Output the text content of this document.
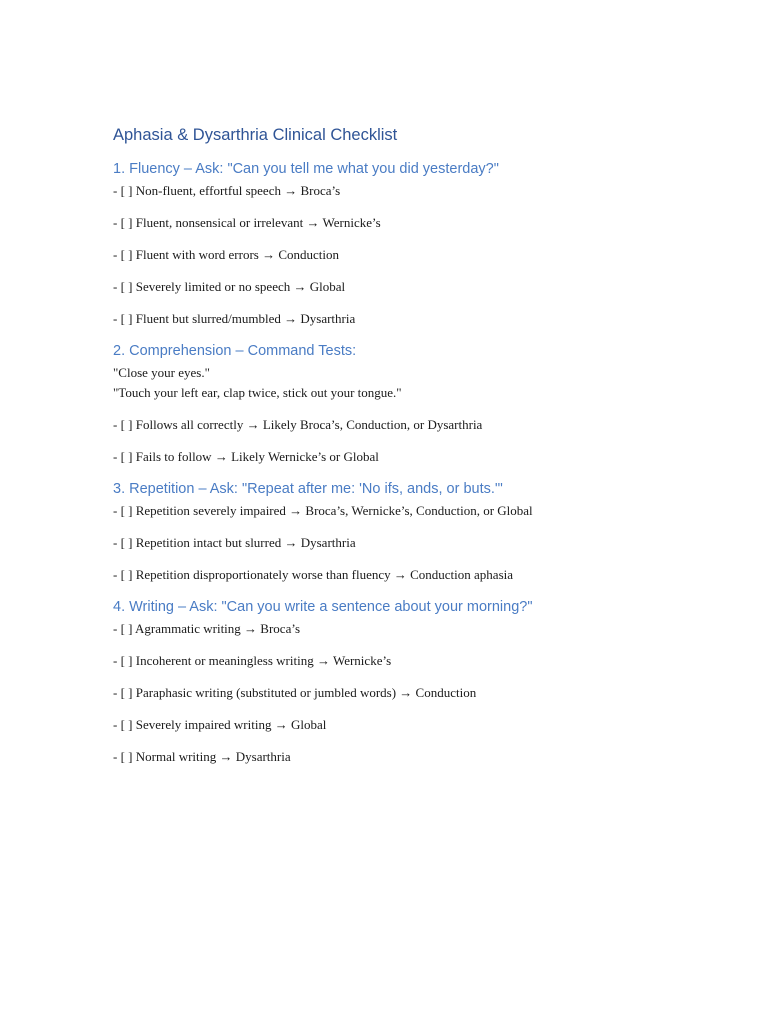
Aphasia & Dysarthria Clinical Checklist
1. Fluency – Ask: "Can you tell me what you did yesterday?"
- [ ] Non-fluent, effortful speech → Broca’s
- [ ] Fluent, nonsensical or irrelevant → Wernicke’s
- [ ] Fluent with word errors → Conduction
- [ ] Severely limited or no speech → Global
- [ ] Fluent but slurred/mumbled → Dysarthria
2. Comprehension – Command Tests:
"Close your eyes."
"Touch your left ear, clap twice, stick out your tongue."
- [ ] Follows all correctly → Likely Broca’s, Conduction, or Dysarthria
- [ ] Fails to follow → Likely Wernicke’s or Global
3. Repetition – Ask: "Repeat after me: 'No ifs, ands, or buts.'"
- [ ] Repetition severely impaired → Broca’s, Wernicke’s, Conduction, or Global
- [ ] Repetition intact but slurred → Dysarthria
- [ ] Repetition disproportionately worse than fluency → Conduction aphasia
4. Writing – Ask: "Can you write a sentence about your morning?"
- [ ] Agrammatic writing → Broca’s
- [ ] Incoherent or meaningless writing → Wernicke’s
- [ ] Paraphasic writing (substituted or jumbled words) → Conduction
- [ ] Severely impaired writing → Global
- [ ] Normal writing → Dysarthria
